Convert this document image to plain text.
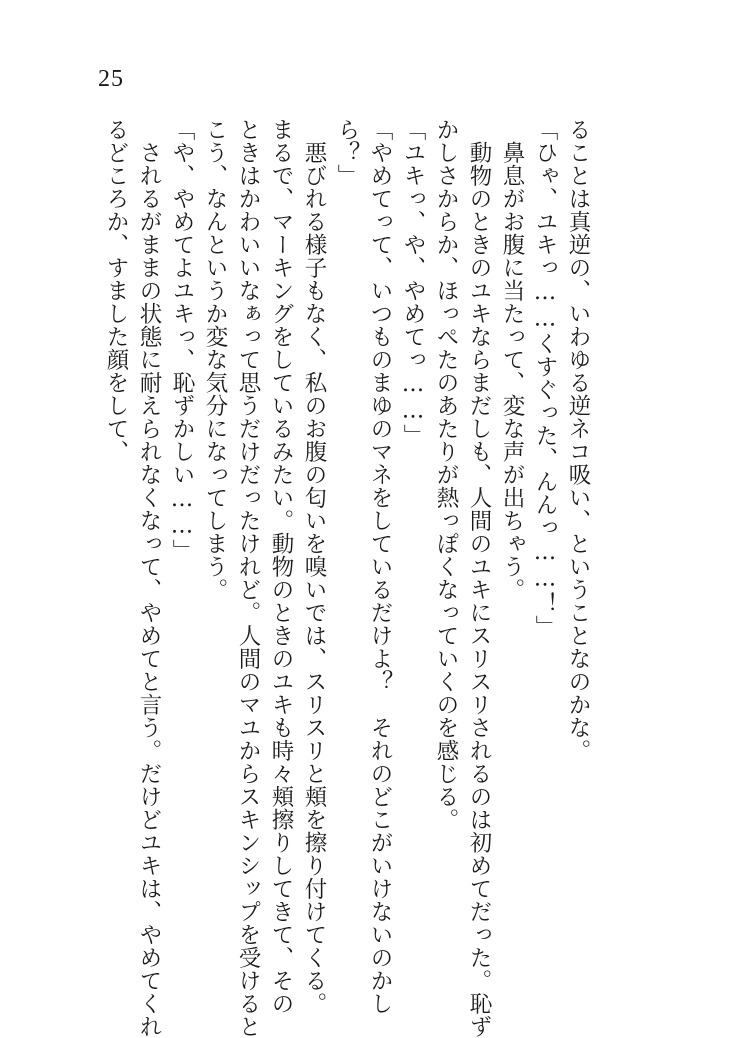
25
ることは真逆の、いわゆる逆ネコ吸い、ということなのかな。
「ひゃ、ユキっ……くすぐった、んんっ……！」
　鼻息がお腹に当たって、変な声が出ちゃう。
　動物のときのユキならまだしも、人間のユキにスリスリされるのは初めてだった。恥ず
かしさからか、ほっぺたのあたりが熱っぽくなっていくのを感じる。
「ユキっ、や、やめてっ……」
「やめてって、いつものまゆのマネをしているだけよ？　それのどこがいけないのかし
ら？」
　悪びれる様子もなく、私のお腹の匂いを嗅いでは、スリスリと頬を擦り付けてくる。
まるで、マーキングをしているみたい。動物のときのユキも時々頬擦りしてきて、その
ときはかわいいなぁって思うだけだったけれど。人間のマユからスキンシップを受けると
こう、なんというか変な気分になってしまう。
「や、やめてよユキっ、恥ずかしい……」
　されるがままの状態に耐えられなくなって、やめてと言う。だけどユキは、やめてくれ
るどころか、すました顔をして、
